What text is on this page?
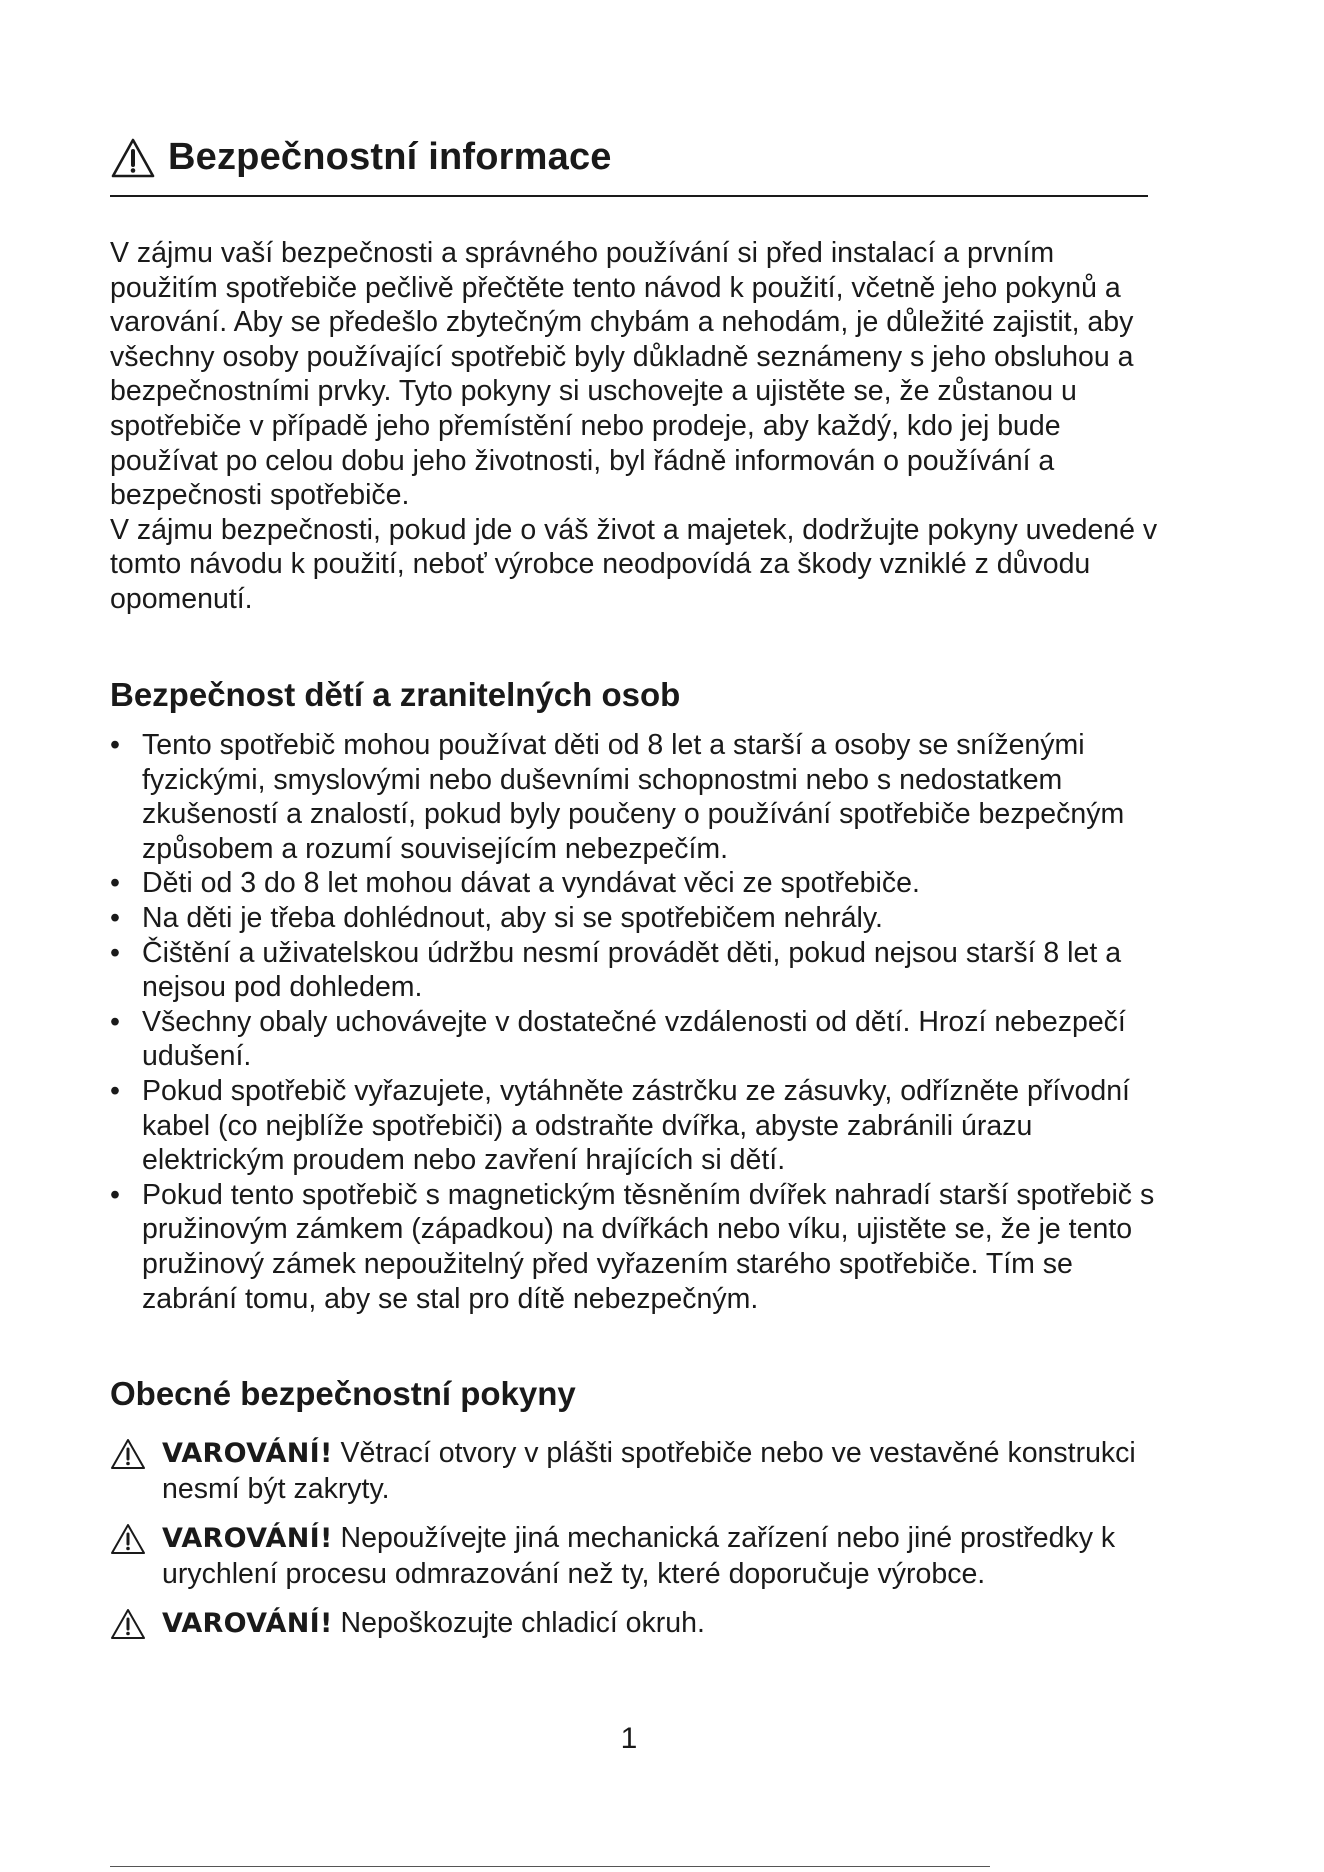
Bezpečnostní informace

V zájmu vaší bezpečnosti a správného používání si před instalací a prvním použitím spotřebiče pečlivě přečtěte tento návod k použití, včetně jeho pokynů a varování. Aby se předešlo zbytečným chybám a nehodám, je důležité zajistit, aby všechny osoby používající spotřebič byly důkladně seznámeny s jeho obsluhou a bezpečnostními prvky. Tyto pokyny si uschovejte a ujistěte se, že zůstanou u spotřebiče v případě jeho přemístění nebo prodeje, aby každý, kdo jej bude používat po celou dobu jeho životnosti, byl řádně informován o používání a bezpečnosti spotřebiče.

V zájmu bezpečnosti, pokud jde o váš život a majetek, dodržujte pokyny uvedené v tomto návodu k použití, neboť výrobce neodpovídá za škody vzniklé z důvodu opomenutí.

Bezpečnost dětí a zranitelných osob
• Tento spotřebič mohou používat děti od 8 let a starší a osoby se sníženými fyzickými, smyslovými nebo duševními schopnostmi nebo s nedostatkem zkušeností a znalostí, pokud byly poučeny o používání spotřebiče bezpečným způsobem a rozumí souvisejícím nebezpečím.
• Děti od 3 do 8 let mohou dávat a vyndávat věci ze spotřebiče.
• Na děti je třeba dohlédnout, aby si se spotřebičem nehrály.
• Čištění a uživatelskou údržbu nesmí provádět děti, pokud nejsou starší 8 let a nejsou pod dohledem.
• Všechny obaly uchovávejte v dostatečné vzdálenosti od dětí. Hrozí nebezpečí udušení.
• Pokud spotřebič vyřazujete, vytáhněte zástrčku ze zásuvky, odřízněte přívodní kabel (co nejblíže spotřebiči) a odstraňte dvířka, abyste zabránili úrazu elektrickým proudem nebo zavření hrajících si dětí.
• Pokud tento spotřebič s magnetickým těsněním dvířek nahradí starší spotřebič s pružinovým zámkem (západkou) na dvířkách nebo víku, ujistěte se, že je tento pružinový zámek nepoužitelný před vyřazením starého spotřebiče. Tím se zabrání tomu, aby se stal pro dítě nebezpečným.
Obecné bezpečnostní pokyny
VAROVÁNÍ! Větrací otvory v plášti spotřebiče nebo ve vestavěné konstrukci nesmí být zakryty.
VAROVÁNÍ! Nepoužívejte jiná mechanická zařízení nebo jiné prostředky k urychlení procesu odmrazování než ty, které doporučuje výrobce.
VAROVÁNÍ! Nepoškozujte chladicí okruh.
1
